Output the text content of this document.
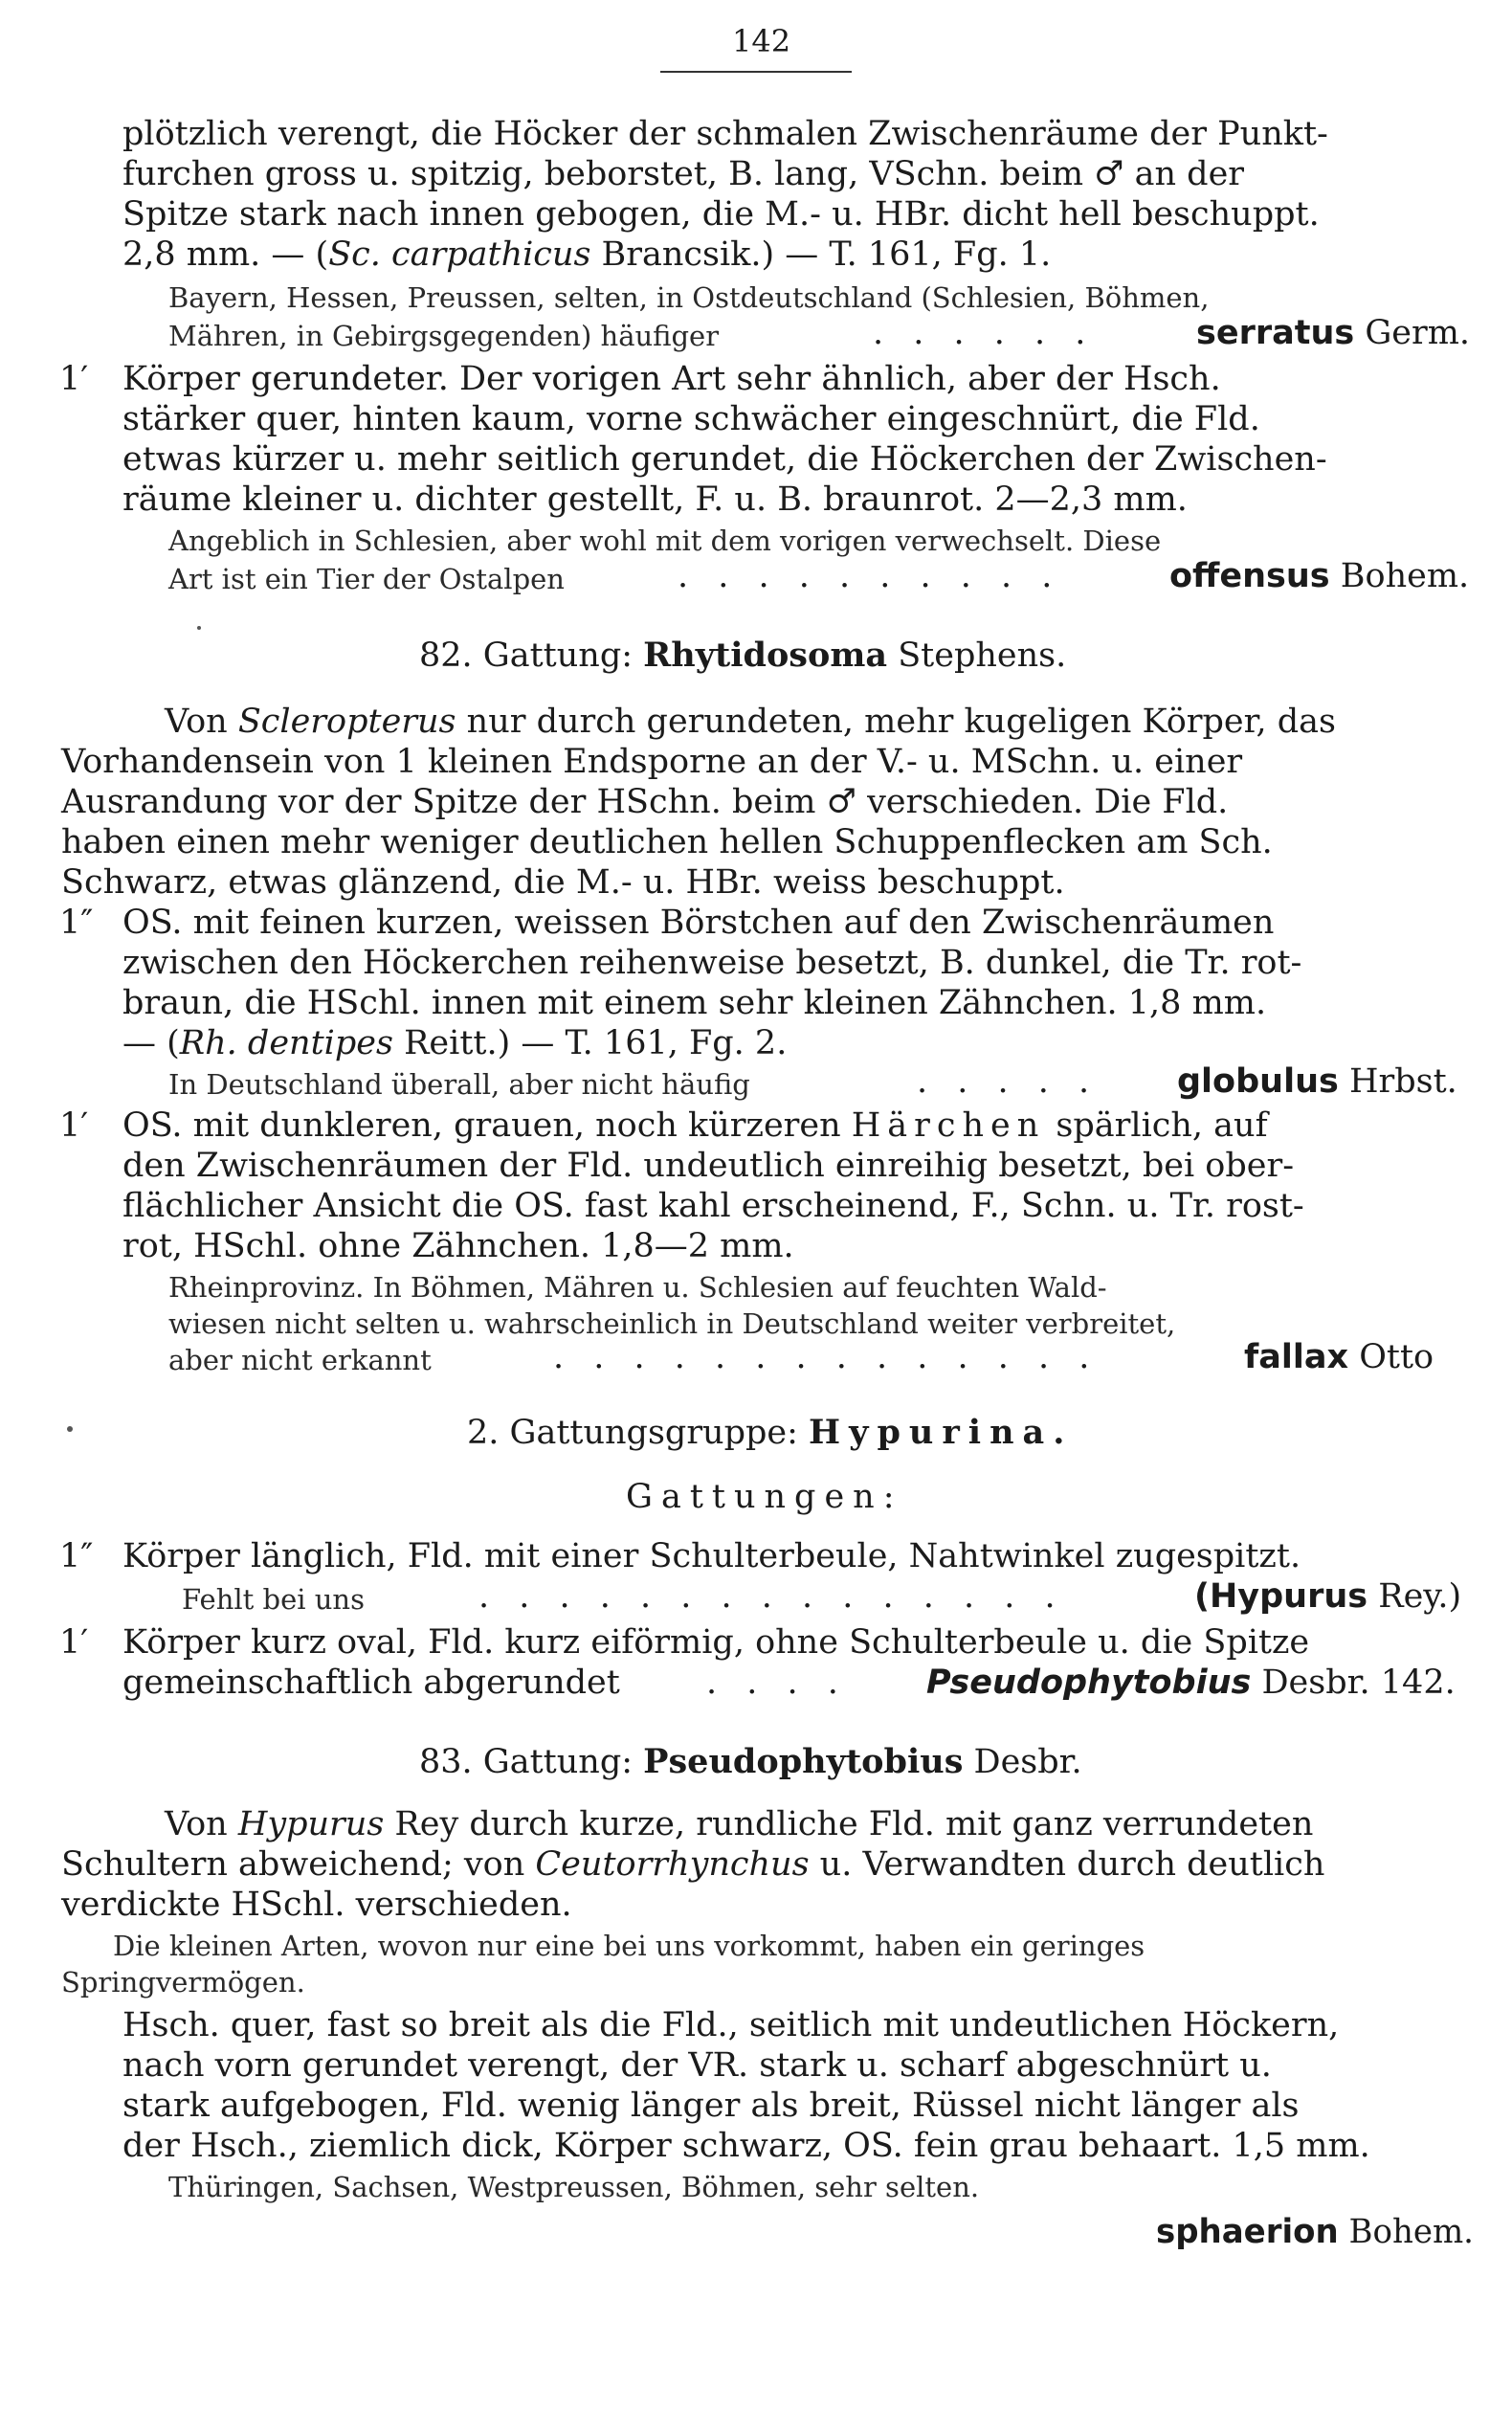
142
plötzlich verengt, die Höcker der schmalen Zwischenräume der Punkt-
furchen gross u. spitzig, beborstet, B. lang, VSchn. beim ♂ an der
Spitze stark nach innen gebogen, die M.- u. HBr. dicht hell beschuppt.
2,8 mm. — (Sc. carpathicus Brancsik.) — T. 161, Fg. 1.
Bayern, Hessen, Preussen, selten, in Ostdeutschland (Schlesien, Böhmen,
Mähren, in Gebirgsgegenden) häufiger	. . . . . .	serratus Germ.
1′ Körper gerundeter. Der vorigen Art sehr ähnlich, aber der Hsch.
stärker quer, hinten kaum, vorne schwächer eingeschnürt, die Fld.
etwas kürzer u. mehr seitlich gerundet, die Höckerchen der Zwischen-
räume kleiner u. dichter gestellt, F. u. B. braunrot. 2—2,3 mm.
Angeblich in Schlesien, aber wohl mit dem vorigen verwechselt. Diese
Art ist ein Tier der Ostalpen	. . . . . . . . . .	offensus Bohem.
82. Gattung: Rhytidosoma Stephens.
Von Scleropterus nur durch gerundeten, mehr kugeligen Körper, das
Vorhandensein von 1 kleinen Endsporne an der V.- u. MSchn. u. einer
Ausrandung vor der Spitze der HSchn. beim ♂ verschieden. Die Fld.
haben einen mehr weniger deutlichen hellen Schuppenflecken am Sch.
Schwarz, etwas glänzend, die M.- u. HBr. weiss beschuppt.
1″ OS. mit feinen kurzen, weissen Börstchen auf den Zwischenräumen
zwischen den Höckerchen reihenweise besetzt, B. dunkel, die Tr. rot-
braun, die HSchl. innen mit einem sehr kleinen Zähnchen. 1,8 mm.
— (Rh. dentipes Reitt.) — T. 161, Fg. 2.
In Deutschland überall, aber nicht häufig	. . . . . globulus Hrbst.
1′ OS. mit dunkleren, grauen, noch kürzeren Härchen spärlich, auf
den Zwischenräumen der Fld. undeutlich einreihig besetzt, bei ober-
flächlicher Ansicht die OS. fast kahl erscheinend, F., Schn. u. Tr. rost-
rot, HSchl. ohne Zähnchen. 1,8—2 mm.
Rheinprovinz. In Böhmen, Mähren u. Schlesien auf feuchten Wald-
wiesen nicht selten u. wahrscheinlich in Deutschland weiter verbreitet,
aber nicht erkannt	. . . . . . . . . . . . . .	fallax Otto
2. Gattungsgruppe: Hypurina.
Gattungen:
1″ Körper länglich, Fld. mit einer Schulterbeule, Nahtwinkel zugespitzt.
Fehlt bei uns	. . . . . . . . . . . . . . .	(Hypurus Rey.)
1′ Körper kurz oval, Fld. kurz eiförmig, ohne Schulterbeule u. die Spitze
gemeinschaftlich abgerundet	. . . . Pseudophytobius Desbr. 142.
83. Gattung: Pseudophytobius Desbr.
Von Hypurus Rey durch kurze, rundliche Fld. mit ganz verrundeten
Schultern abweichend; von Ceutorrhynchus u. Verwandten durch deutlich
verdickte HSchl. verschieden.
Die kleinen Arten, wovon nur eine bei uns vorkommt, haben ein geringes
Springvermögen.
Hsch. quer, fast so breit als die Fld., seitlich mit undeutlichen Höckern,
nach vorn gerundet verengt, der VR. stark u. scharf abgeschnürt u.
stark aufgebogen, Fld. wenig länger als breit, Rüssel nicht länger als
der Hsch., ziemlich dick, Körper schwarz, OS. fein grau behaart. 1,5 mm.
Thüringen, Sachsen, Westpreussen, Böhmen, sehr selten.
sphaerion Bohem.
